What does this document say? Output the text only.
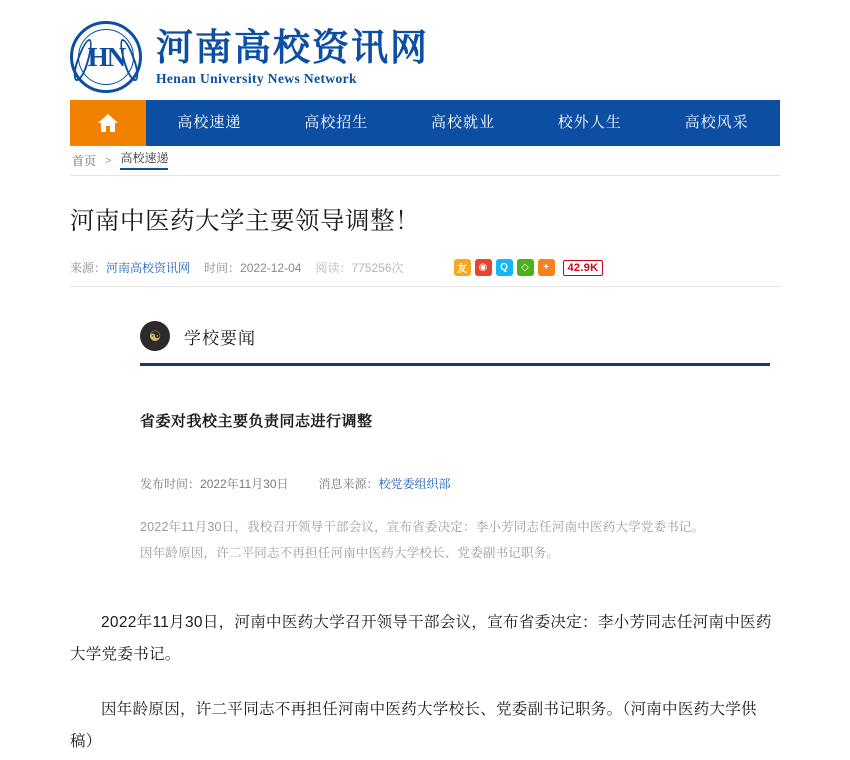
HN 河南高校资讯网
Henan University News Network
高校速递	高校招生	高校就业	校外人生	高校风采
首页 > 高校速递
河南中医药大学主要领导调整！
来源：河南高校资讯网 时间：2022-12-04 阅读：775256次	友	◉	Q	◇	+	42.9K
☯	学校要闻
省委对我校主要负责同志进行调整
发布时间：2022年11月30日	消息来源：校党委组织部
2022年11月30日，我校召开领导干部会议，宣布省委决定：李小芳同志任河南中医药大学党委书记。
因年龄原因，许二平同志不再担任河南中医药大学校长、党委副书记职务。

2022年11月30日，河南中医药大学召开领导干部会议，宣布省委决定：李小芳同志任河南中医药大学党委书记。

因年龄原因，许二平同志不再担任河南中医药大学校长、党委副书记职务。（河南中医药大学供稿）
